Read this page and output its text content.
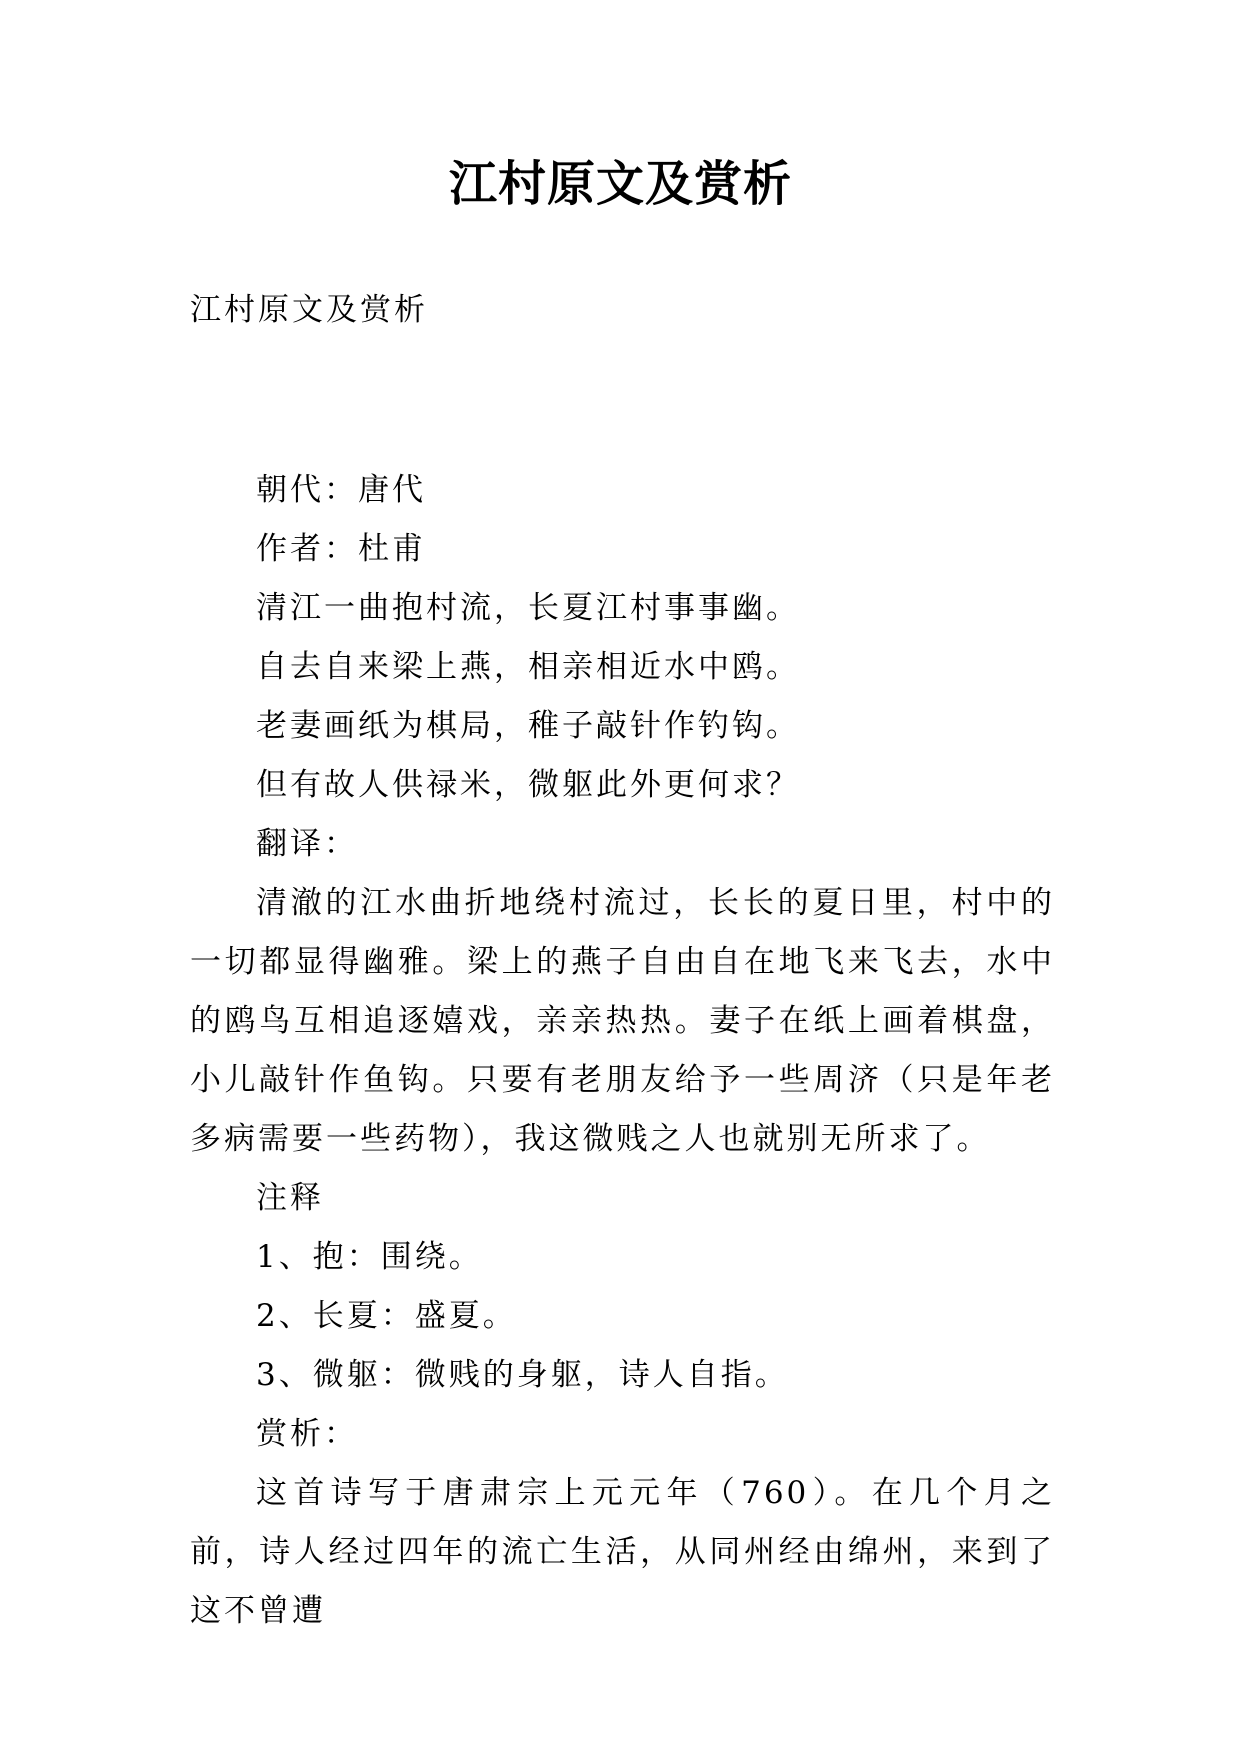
江村原文及赏析
江村原文及赏析
朝代：唐代
作者：杜甫
清江一曲抱村流，长夏江村事事幽。
自去自来梁上燕，相亲相近水中鸥。
老妻画纸为棋局，稚子敲针作钓钩。
但有故人供禄米，微躯此外更何求？
翻译：
清澈的江水曲折地绕村流过，长长的夏日里，村中的一切都显得幽雅。梁上的燕子自由自在地飞来飞去，水中的鸥鸟互相追逐嬉戏，亲亲热热。妻子在纸上画着棋盘，小儿敲针作鱼钩。只要有老朋友给予一些周济（只是年老多病需要一些药物），我这微贱之人也就别无所求了。
注释
1、抱：围绕。
2、长夏：盛夏。
3、微躯：微贱的身躯，诗人自指。
赏析：
这首诗写于唐肃宗上元元年（760）。在几个月之前，诗人经过四年的流亡生活，从同州经由绵州，来到了这不曾遭
